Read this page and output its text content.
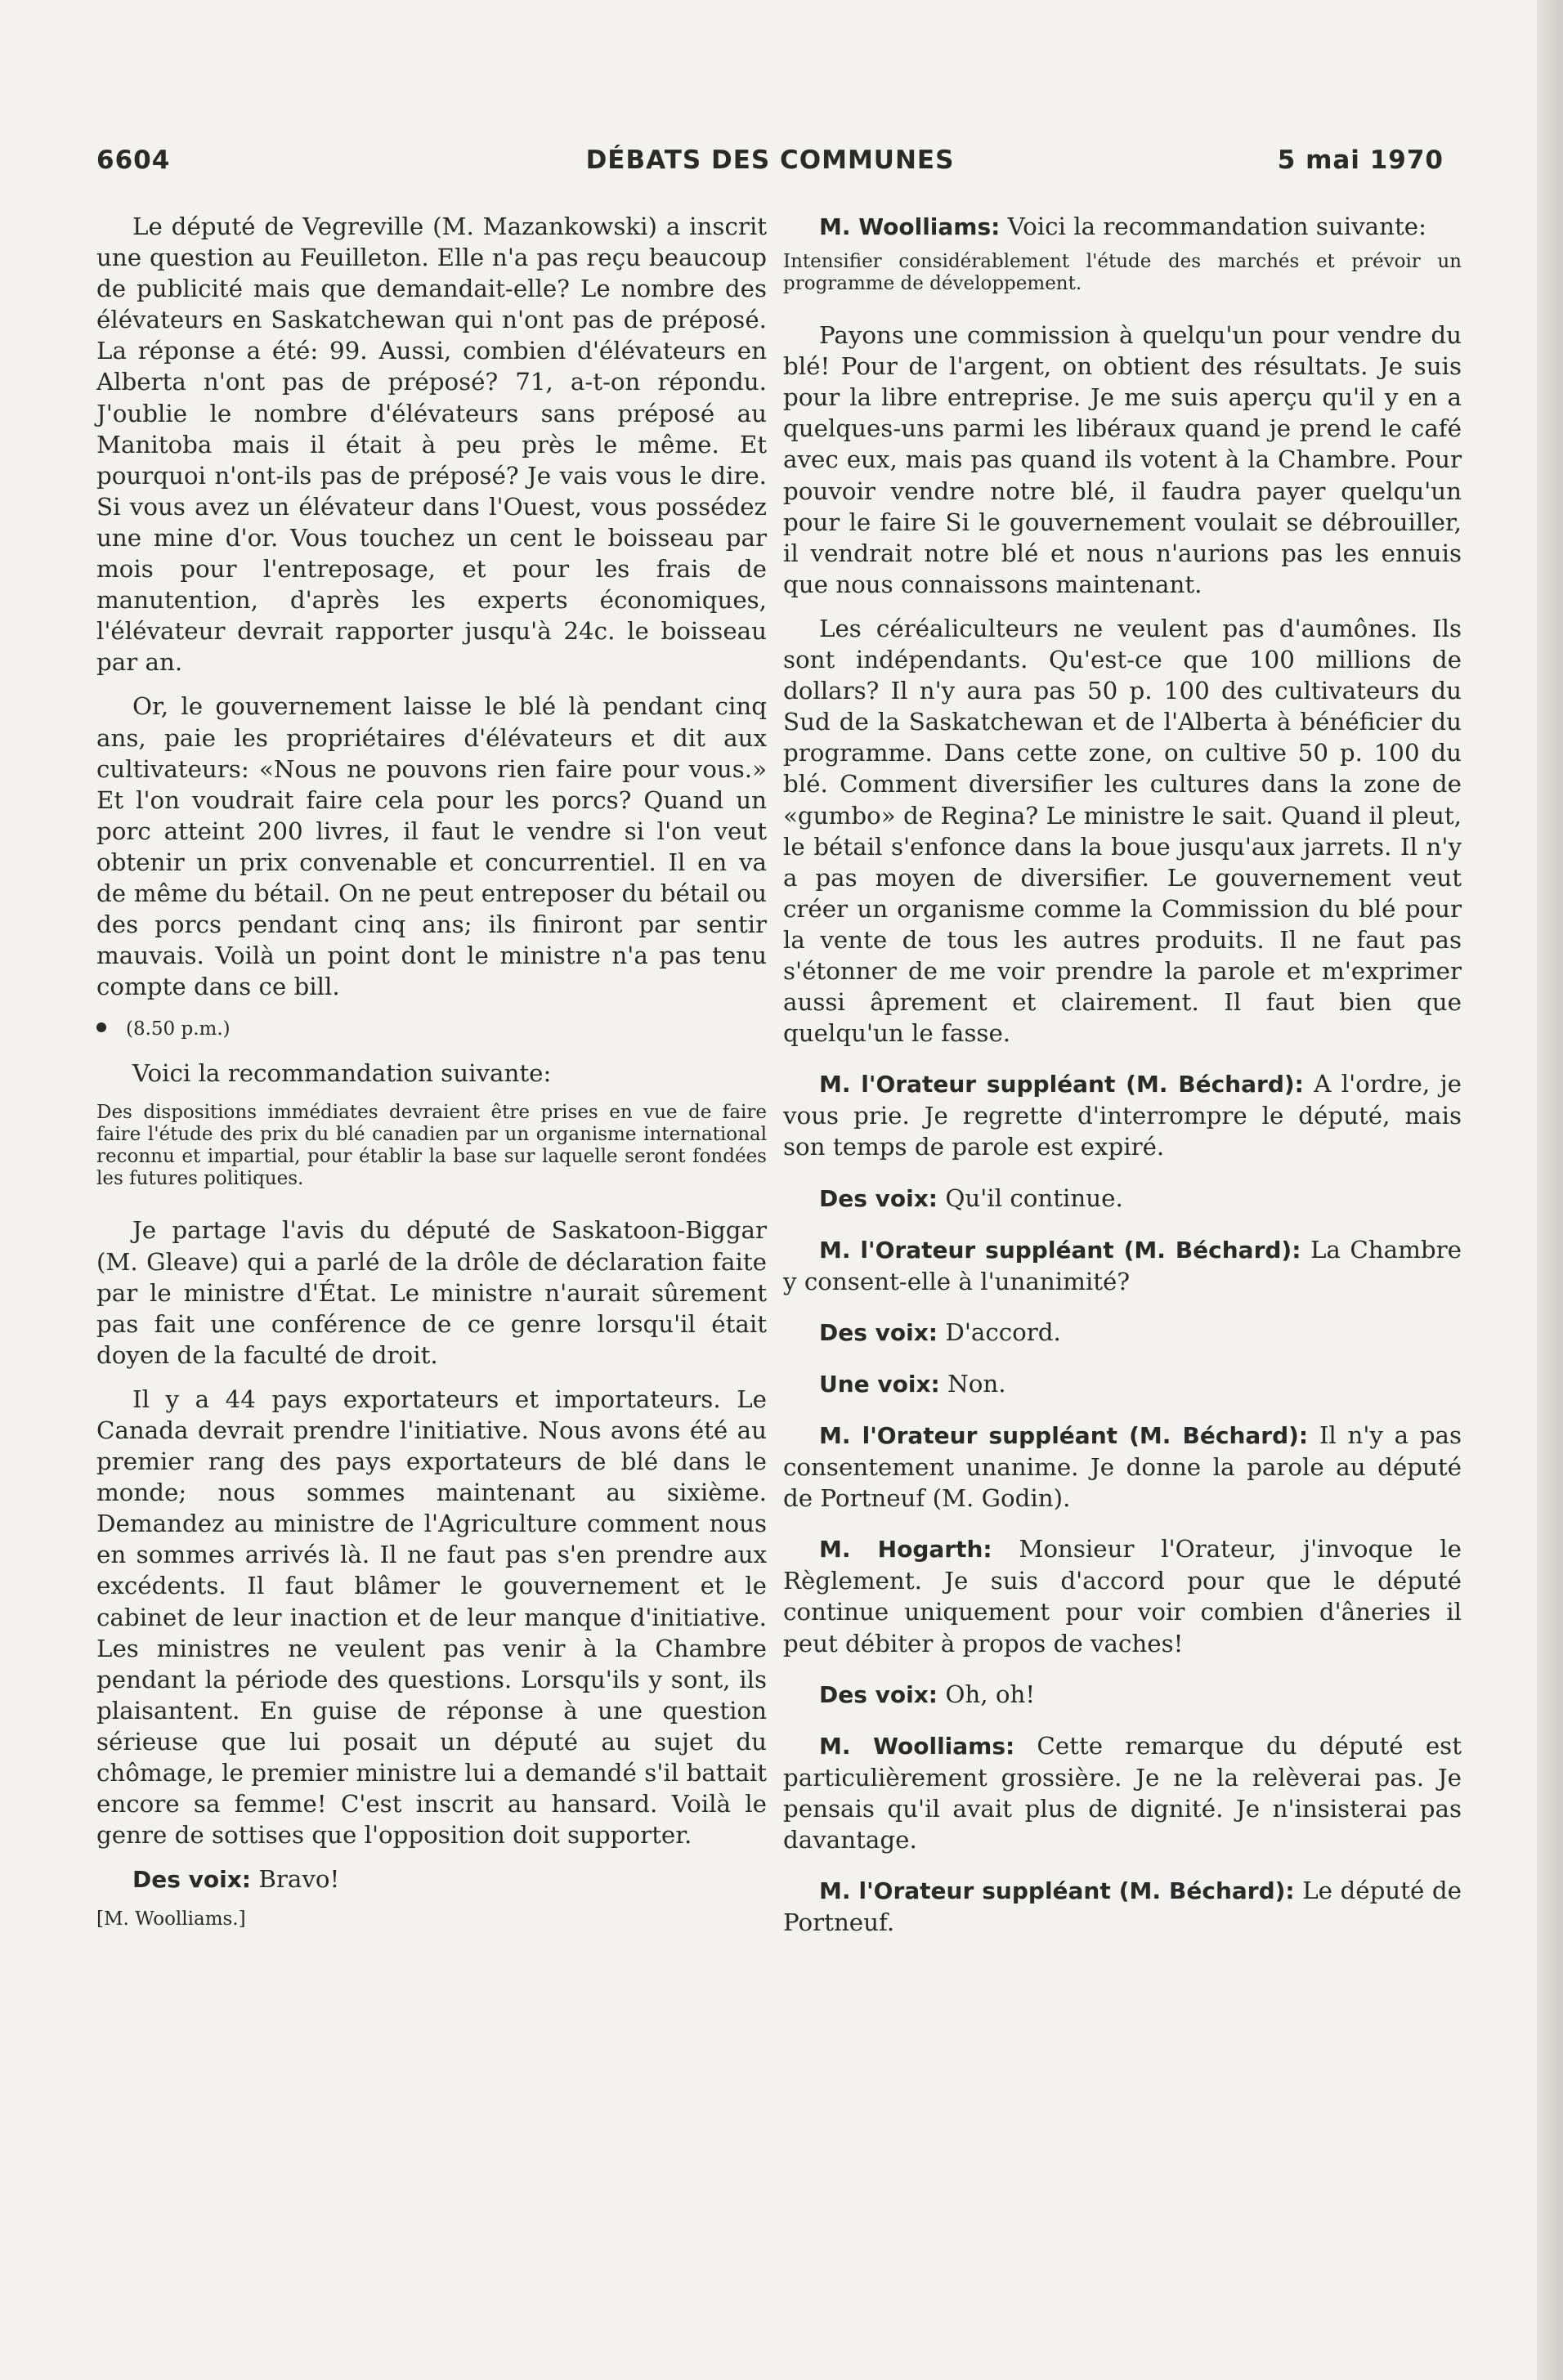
6604	DÉBATS DES COMMUNES	5 mai 1970

Le député de Vegreville (M. Mazankowski) a inscrit une question au Feuilleton. Elle n'a pas reçu beaucoup de publicité mais que demandait-elle? Le nombre des élévateurs en Saskatchewan qui n'ont pas de préposé. La réponse a été: 99. Aussi, combien d'élévateurs en Alberta n'ont pas de préposé? 71, a-t-on répondu. J'oublie le nombre d'élévateurs sans préposé au Manitoba mais il était à peu près le même. Et pourquoi n'ont-ils pas de préposé? Je vais vous le dire. Si vous avez un élévateur dans l'Ouest, vous possédez une mine d'or. Vous touchez un cent le boisseau par mois pour l'entreposage, et pour les frais de manutention, d'après les experts économiques, l'élévateur devrait rapporter jusqu'à 24c. le boisseau par an.

Or, le gouvernement laisse le blé là pendant cinq ans, paie les propriétaires d'élévateurs et dit aux cultivateurs: «Nous ne pouvons rien faire pour vous.» Et l'on voudrait faire cela pour les porcs? Quand un porc atteint 200 livres, il faut le vendre si l'on veut obtenir un prix convenable et concurrentiel. Il en va de même du bétail. On ne peut entreposer du bétail ou des porcs pendant cinq ans; ils finiront par sentir mauvais. Voilà un point dont le ministre n'a pas tenu compte dans ce bill.

(8.50 p.m.)

Voici la recommandation suivante:

Des dispositions immédiates devraient être prises en vue de faire faire l'étude des prix du blé canadien par un organisme international reconnu et impartial, pour établir la base sur laquelle seront fondées les futures politiques.

Je partage l'avis du député de Saskatoon-Biggar (M. Gleave) qui a parlé de la drôle de déclaration faite par le ministre d'État. Le ministre n'aurait sûrement pas fait une conférence de ce genre lorsqu'il était doyen de la faculté de droit.

Il y a 44 pays exportateurs et importateurs. Le Canada devrait prendre l'initiative. Nous avons été au premier rang des pays exportateurs de blé dans le monde; nous sommes maintenant au sixième. Demandez au ministre de l'Agriculture comment nous en sommes arrivés là. Il ne faut pas s'en prendre aux excédents. Il faut blâmer le gouvernement et le cabinet de leur inaction et de leur manque d'initiative. Les ministres ne veulent pas venir à la Chambre pendant la période des questions. Lorsqu'ils y sont, ils plaisantent. En guise de réponse à une question sérieuse que lui posait un député au sujet du chômage, le premier ministre lui a demandé s'il battait encore sa femme! C'est inscrit au hansard. Voilà le genre de sottises que l'opposition doit supporter.

Des voix: Bravo!

[M. Woolliams.]

M. Woolliams: Voici la recommandation suivante:

Intensifier considérablement l'étude des marchés et prévoir un programme de développement.

Payons une commission à quelqu'un pour vendre du blé! Pour de l'argent, on obtient des résultats. Je suis pour la libre entreprise. Je me suis aperçu qu'il y en a quelques-uns parmi les libéraux quand je prend le café avec eux, mais pas quand ils votent à la Chambre. Pour pouvoir vendre notre blé, il faudra payer quelqu'un pour le faire Si le gouvernement voulait se débrouiller, il vendrait notre blé et nous n'aurions pas les ennuis que nous connaissons maintenant.

Les céréaliculteurs ne veulent pas d'aumônes. Ils sont indépendants. Qu'est-ce que 100 millions de dollars? Il n'y aura pas 50 p. 100 des cultivateurs du Sud de la Saskatchewan et de l'Alberta à bénéficier du programme. Dans cette zone, on cultive 50 p. 100 du blé. Comment diversifier les cultures dans la zone de «gumbo» de Regina? Le ministre le sait. Quand il pleut, le bétail s'enfonce dans la boue jusqu'aux jarrets. Il n'y a pas moyen de diversifier. Le gouvernement veut créer un organisme comme la Commission du blé pour la vente de tous les autres produits. Il ne faut pas s'étonner de me voir prendre la parole et m'exprimer aussi âprement et clairement. Il faut bien que quelqu'un le fasse.

M. l'Orateur suppléant (M. Béchard): A l'ordre, je vous prie. Je regrette d'interrompre le député, mais son temps de parole est expiré.

Des voix: Qu'il continue.

M. l'Orateur suppléant (M. Béchard): La Chambre y consent-elle à l'unanimité?

Des voix: D'accord.

Une voix: Non.

M. l'Orateur suppléant (M. Béchard): Il n'y a pas consentement unanime. Je donne la parole au député de Portneuf (M. Godin).

M. Hogarth: Monsieur l'Orateur, j'invoque le Règlement. Je suis d'accord pour que le député continue uniquement pour voir combien d'âneries il peut débiter à propos de vaches!

Des voix: Oh, oh!

M. Woolliams: Cette remarque du député est particulièrement grossière. Je ne la relèverai pas. Je pensais qu'il avait plus de dignité. Je n'insisterai pas davantage.

M. l'Orateur suppléant (M. Béchard): Le député de Portneuf.
